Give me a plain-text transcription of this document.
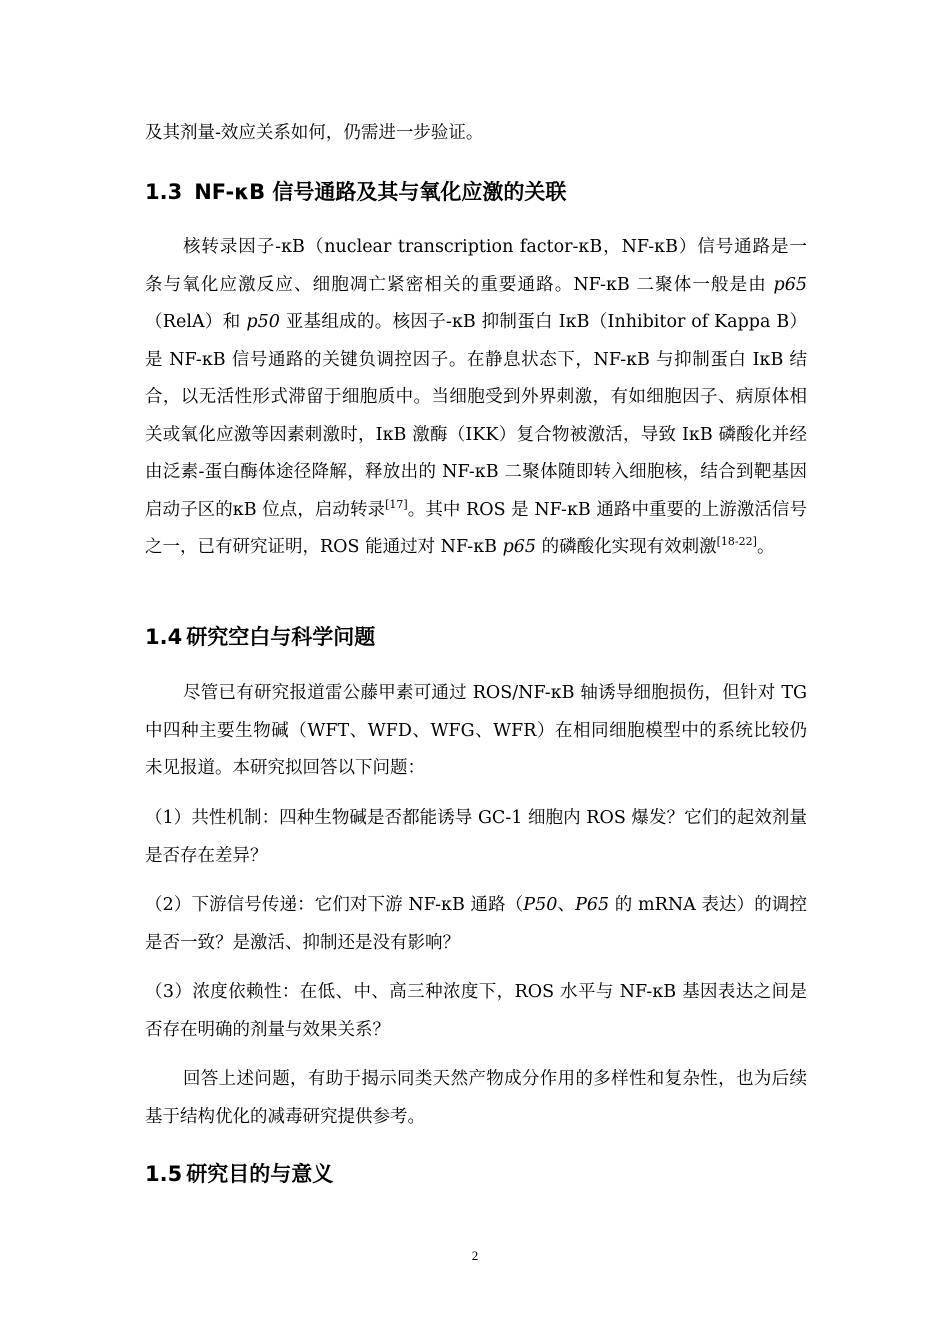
及其剂量-效应关系如何，仍需进一步验证。

1.3 NF-κB 信号通路及其与氧化应激的关联

核转录因子-κB（nuclear transcription factor-κB，NF-κB）信号通路是一条与氧化应激反应、细胞凋亡紧密相关的重要通路。NF-κB 二聚体一般是由 p65（RelA）和 p50 亚基组成的。核因子-κB 抑制蛋白 IκB（Inhibitor of Kappa B）是 NF-κB 信号通路的关键负调控因子。在静息状态下，NF-κB 与抑制蛋白 IκB 结合，以无活性形式滞留于细胞质中。当细胞受到外界刺激，有如细胞因子、病原体相关或氧化应激等因素刺激时，IκB 激酶（IKK）复合物被激活，导致 IκB 磷酸化并经由泛素-蛋白酶体途径降解，释放出的 NF-κB 二聚体随即转入细胞核，结合到靶基因启动子区的κB 位点，启动转录[17]。其中 ROS 是 NF-κB 通路中重要的上游激活信号之一，已有研究证明，ROS 能通过对 NF-κB p65 的磷酸化实现有效刺激[18-22]。

1.4 研究空白与科学问题

尽管已有研究报道雷公藤甲素可通过 ROS/NF-κB 轴诱导细胞损伤，但针对 TG 中四种主要生物碱（WFT、WFD、WFG、WFR）在相同细胞模型中的系统比较仍未见报道。本研究拟回答以下问题：

（1）共性机制：四种生物碱是否都能诱导 GC-1 细胞内 ROS 爆发？它们的起效剂量是否存在差异？

（2）下游信号传递：它们对下游 NF-κB 通路（P50、P65 的 mRNA 表达）的调控是否一致？是激活、抑制还是没有影响？

（3）浓度依赖性：在低、中、高三种浓度下，ROS 水平与 NF-κB 基因表达之间是否存在明确的剂量与效果关系？

回答上述问题，有助于揭示同类天然产物成分作用的多样性和复杂性，也为后续基于结构优化的减毒研究提供参考。

1.5 研究目的与意义
2
